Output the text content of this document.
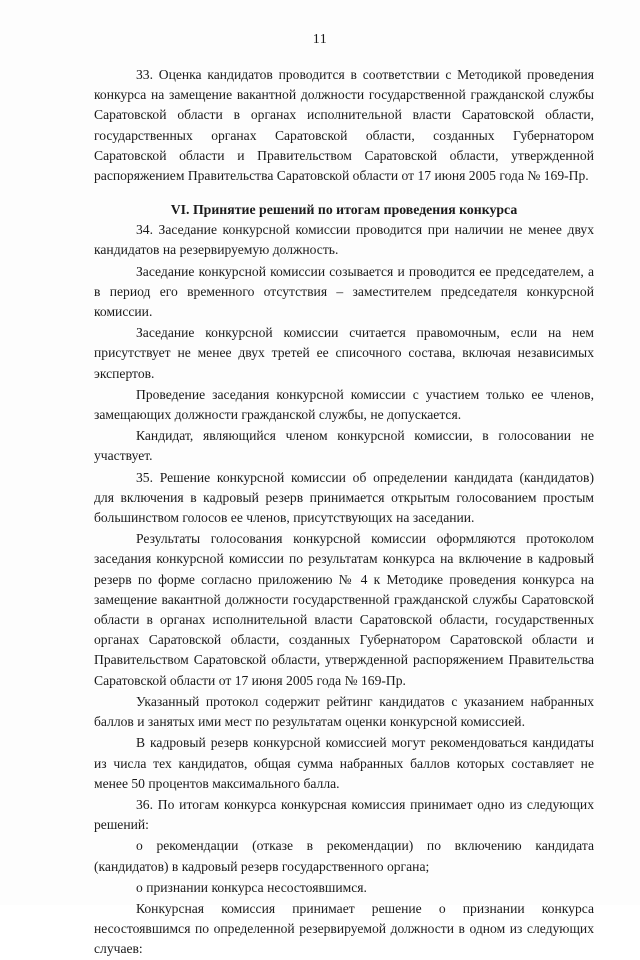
11

33. Оценка кандидатов проводится в соответствии с Методикой проведения конкурса на замещение вакантной должности государственной гражданской службы Саратовской области в органах исполнительной власти Саратовской области, государственных органах Саратовской области, созданных Губернатором Саратовской области и Правительством Саратовской области, утвержденной распоряжением Правительства Саратовской области от 17 июня 2005 года № 169-Пр.

VI. Принятие решений по итогам проведения конкурса

34. Заседание конкурсной комиссии проводится при наличии не менее двух кандидатов на резервируемую должность.

Заседание конкурсной комиссии созывается и проводится ее председателем, а в период его временного отсутствия – заместителем председателя конкурсной комиссии.

Заседание конкурсной комиссии считается правомочным, если на нем присутствует не менее двух третей ее списочного состава, включая независимых экспертов.

Проведение заседания конкурсной комиссии с участием только ее членов, замещающих должности гражданской службы, не допускается.

Кандидат, являющийся членом конкурсной комиссии, в голосовании не участвует.

35. Решение конкурсной комиссии об определении кандидата (кандидатов) для включения в кадровый резерв принимается открытым голосованием простым большинством голосов ее членов, присутствующих на заседании.

Результаты голосования конкурсной комиссии оформляются протоколом заседания конкурсной комиссии по результатам конкурса на включение в кадровый резерв по форме согласно приложению № 4 к Методике проведения конкурса на замещение вакантной должности государственной гражданской службы Саратовской области в органах исполнительной власти Саратовской области, государственных органах Саратовской области, созданных Губернатором Саратовской области и Правительством Саратовской области, утвержденной распоряжением Правительства Саратовской области от 17 июня 2005 года № 169-Пр.

Указанный протокол содержит рейтинг кандидатов с указанием набранных баллов и занятых ими мест по результатам оценки конкурсной комиссией.

В кадровый резерв конкурсной комиссией могут рекомендоваться кандидаты из числа тех кандидатов, общая сумма набранных баллов которых составляет не менее 50 процентов максимального балла.

36. По итогам конкурса конкурсная комиссия принимает одно из следующих решений:

о рекомендации (отказе в рекомендации) по включению кандидата (кандидатов) в кадровый резерв государственного органа;

о признании конкурса несостоявшимся.

Конкурсная комиссия принимает решение о признании конкурса несостоявшимся по определенной резервируемой должности в одном из следующих случаев:
